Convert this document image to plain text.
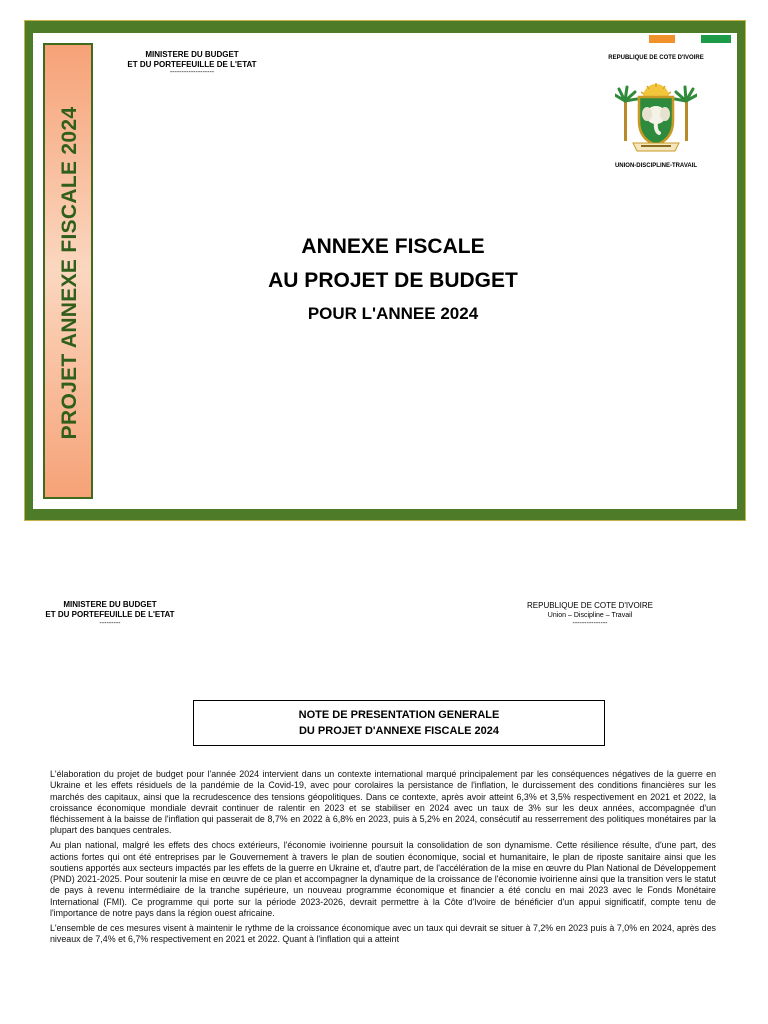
PROJET ANNEXE FISCALE 2024
MINISTERE DU BUDGET
ET DU PORTEFEUILLE DE L'ETAT
-------------------
REPUBLIQUE DE COTE D'IVOIRE
UNION-DISCIPLINE-TRAVAIL
ANNEXE FISCALE
AU PROJET DE BUDGET
POUR L'ANNEE 2024
MINISTERE DU BUDGET
ET DU PORTEFEUILLE DE L'ETAT
---------
REPUBLIQUE DE COTE D'IVOIRE
Union – Discipline – Travail
---------------
NOTE DE PRESENTATION GENERALE
DU PROJET D'ANNEXE FISCALE 2024

L'élaboration du projet de budget pour l'année 2024 intervient dans un contexte international marqué principalement par les conséquences négatives de la guerre en Ukraine et les effets résiduels de la pandémie de la Covid-19, avec pour corolaires la persistance de l'inflation, le durcissement des conditions financières sur les marchés des capitaux, ainsi que la recrudescence des tensions géopolitiques. Dans ce contexte, après avoir atteint 6,3% et 3,5% respectivement en 2021 et 2022, la croissance économique mondiale devrait continuer de ralentir en 2023 et se stabiliser en 2024 avec un taux de 3% sur les deux années, accompagnée d'un fléchissement à la baisse de l'inflation qui passerait de 8,7% en 2022 à 6,8% en 2023, puis à 5,2% en 2024, consécutif au resserrement des politiques monétaires par la plupart des banques centrales.

Au plan national, malgré les effets des chocs extérieurs, l'économie ivoirienne poursuit la consolidation de son dynamisme. Cette résilience résulte, d'une part, des actions fortes qui ont été entreprises par le Gouvernement à travers le plan de soutien économique, social et humanitaire, le plan de riposte sanitaire ainsi que les soutiens apportés aux secteurs impactés par les effets de la guerre en Ukraine et, d'autre part, de l'accélération de la mise en œuvre du Plan National de Développement (PND) 2021-2025. Pour soutenir la mise en œuvre de ce plan et accompagner la dynamique de la croissance de l'économie ivoirienne ainsi que la transition vers le statut de pays à revenu intermédiaire de la tranche supérieure, un nouveau programme économique et financier a été conclu en mai 2023 avec le Fonds Monétaire International (FMI). Ce programme qui porte sur la période 2023-2026, devrait permettre à la Côte d'Ivoire de bénéficier d'un appui significatif, compte tenu de l'importance de notre pays dans la région ouest africaine.

L'ensemble de ces mesures visent à maintenir le rythme de la croissance économique avec un taux qui devrait se situer à 7,2% en 2023 puis à 7,0% en 2024, après des niveaux de 7,4% et 6,7% respectivement en 2021 et 2022. Quant à l'inflation qui a atteint
